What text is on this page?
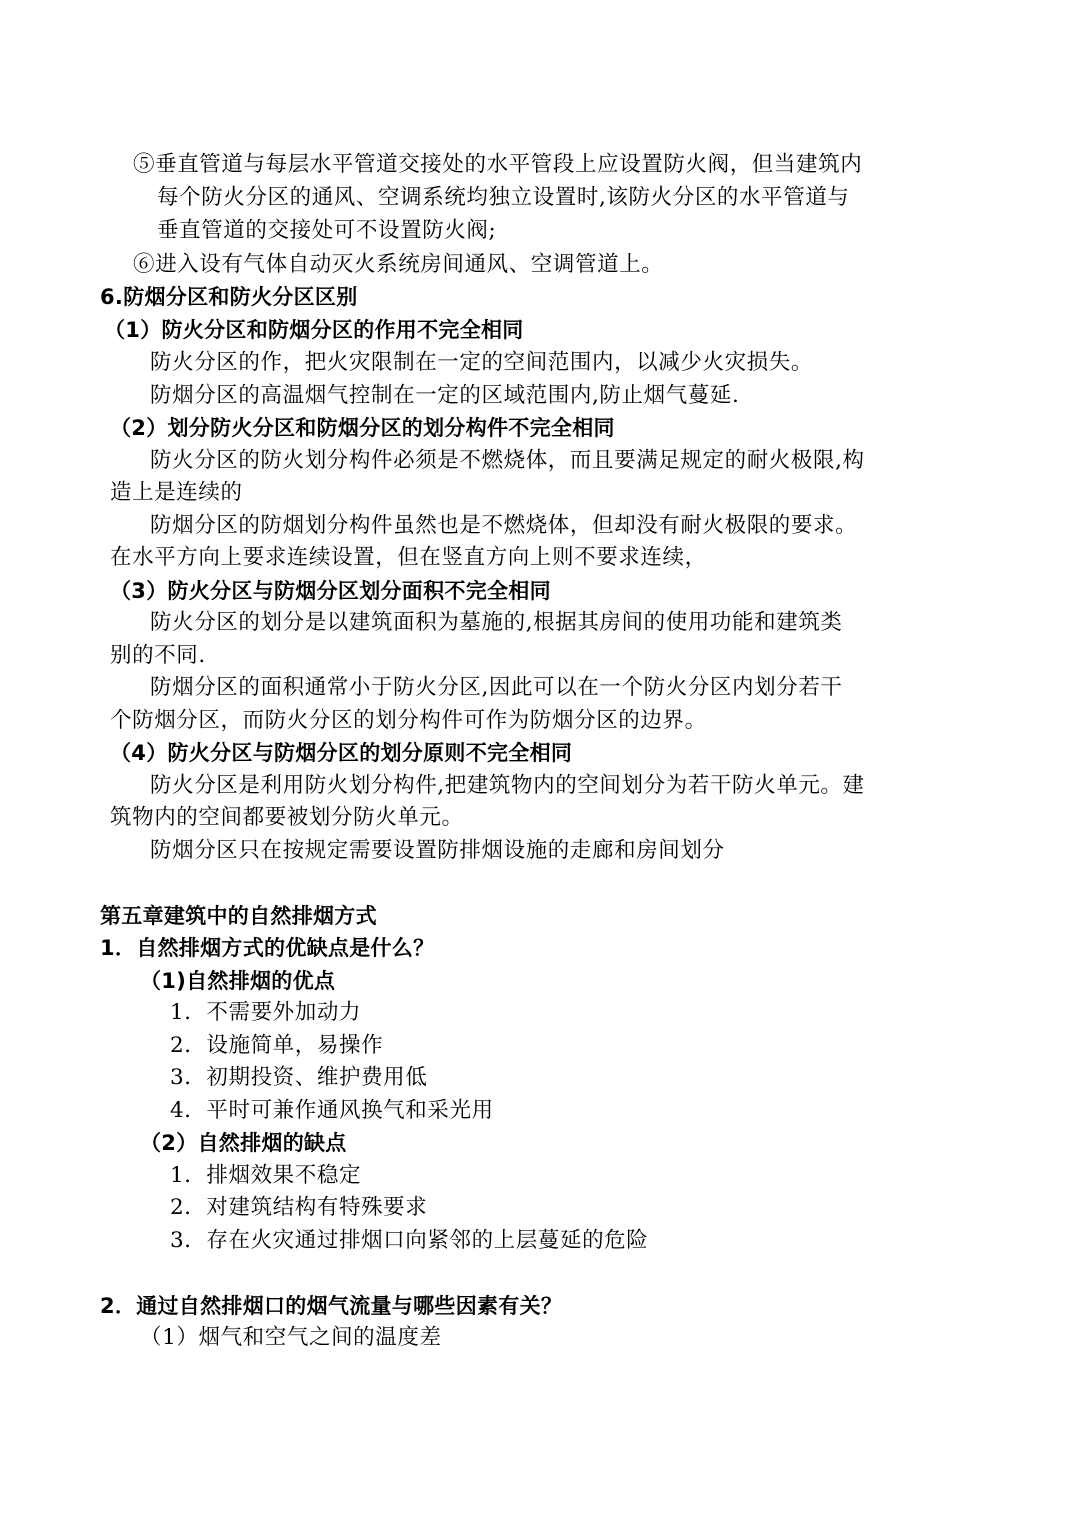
⑤垂直管道与每层水平管道交接处的水平管段上应设置防火阀，但当建筑内
每个防火分区的通风、空调系统均独立设置时,该防火分区的水平管道与
垂直管道的交接处可不设置防火阀;
⑥进入设有气体自动灭火系统房间通风、空调管道上。
6.防烟分区和防火分区区别
（1）防火分区和防烟分区的作用不完全相同
防火分区的作，把火灾限制在一定的空间范围内，以减少火灾损失。
防烟分区的高温烟气控制在一定的区域范围内,防止烟气蔓延.
（2）划分防火分区和防烟分区的划分构件不完全相同
防火分区的防火划分构件必须是不燃烧体，而且要满足规定的耐火极限,构
造上是连续的
防烟分区的防烟划分构件虽然也是不燃烧体，但却没有耐火极限的要求。
在水平方向上要求连续设置，但在竖直方向上则不要求连续，
（3）防火分区与防烟分区划分面积不完全相同
防火分区的划分是以建筑面积为墓施的,根据其房间的使用功能和建筑类
别的不同.
防烟分区的面积通常小于防火分区,因此可以在一个防火分区内划分若干
个防烟分区，而防火分区的划分构件可作为防烟分区的边界。
（4）防火分区与防烟分区的划分原则不完全相同
防火分区是利用防火划分构件,把建筑物内的空间划分为若干防火单元。建
筑物内的空间都要被划分防火单元。
防烟分区只在按规定需要设置防排烟设施的走廊和房间划分
第五章建筑中的自然排烟方式
1．自然排烟方式的优缺点是什么？
（1)自然排烟的优点
1．不需要外加动力
2．设施简单，易操作
3．初期投资、维护费用低
4．平时可兼作通风换气和采光用
（2）自然排烟的缺点
1．排烟效果不稳定
2．对建筑结构有特殊要求
3．存在火灾通过排烟口向紧邻的上层蔓延的危险
2．通过自然排烟口的烟气流量与哪些因素有关？
（1）烟气和空气之间的温度差
